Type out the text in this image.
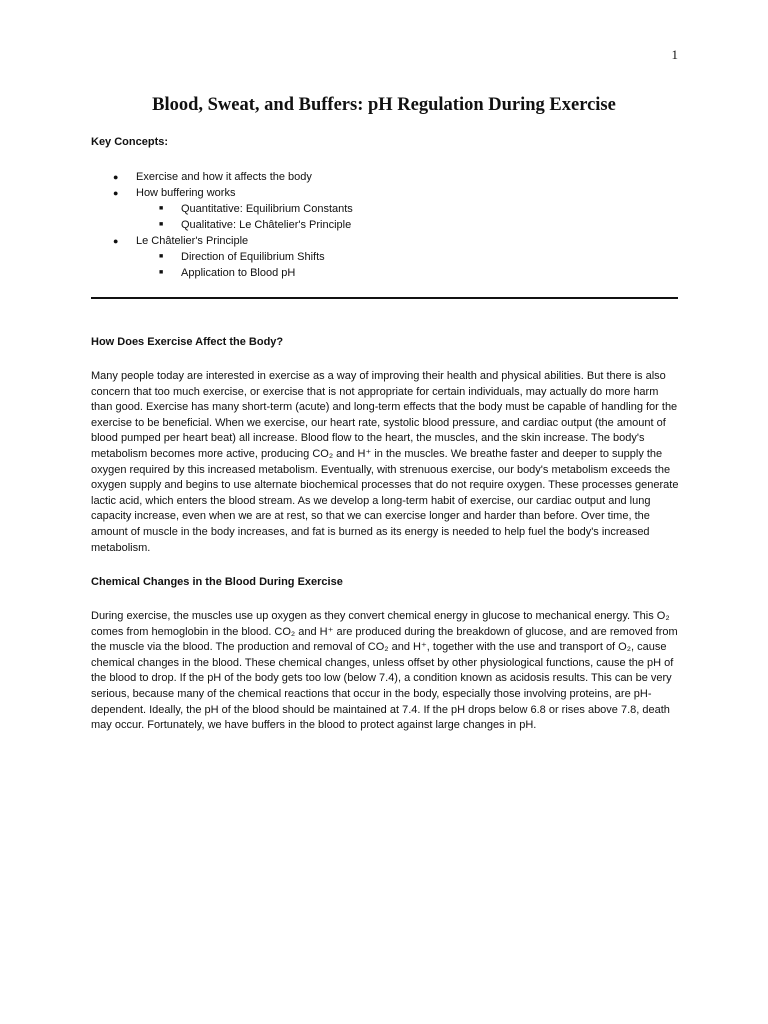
1
Blood, Sweat, and Buffers: pH Regulation During Exercise

Key Concepts:

● Exercise and how it affects the body
● How buffering works
■ Quantitative: Equilibrium Constants
■ Qualitative: Le Châtelier's Principle
● Le Châtelier's Principle
■ Direction of Equilibrium Shifts
■ Application to Blood pH

How Does Exercise Affect the Body?

Many people today are interested in exercise as a way of improving their health and physical abilities. But there is also concern that too much exercise, or exercise that is not appropriate for certain individuals, may actually do more harm than good. Exercise has many short-term (acute) and long-term effects that the body must be capable of handling for the exercise to be beneficial. When we exercise, our heart rate, systolic blood pressure, and cardiac output (the amount of blood pumped per heart beat) all increase. Blood flow to the heart, the muscles, and the skin increase. The body's metabolism becomes more active, producing CO₂ and H⁺ in the muscles. We breathe faster and deeper to supply the oxygen required by this increased metabolism. Eventually, with strenuous exercise, our body's metabolism exceeds the oxygen supply and begins to use alternate biochemical processes that do not require oxygen. These processes generate lactic acid, which enters the blood stream. As we develop a long-term habit of exercise, our cardiac output and lung capacity increase, even when we are at rest, so that we can exercise longer and harder than before. Over time, the amount of muscle in the body increases, and fat is burned as its energy is needed to help fuel the body's increased metabolism.

Chemical Changes in the Blood During Exercise

During exercise, the muscles use up oxygen as they convert chemical energy in glucose to mechanical energy. This O₂ comes from hemoglobin in the blood. CO₂ and H⁺ are produced during the breakdown of glucose, and are removed from the muscle via the blood. The production and removal of CO₂ and H⁺, together with the use and transport of O₂, cause chemical changes in the blood. These chemical changes, unless offset by other physiological functions, cause the pH of the blood to drop. If the pH of the body gets too low (below 7.4), a condition known as acidosis results. This can be very serious, because many of the chemical reactions that occur in the body, especially those involving proteins, are pH-dependent. Ideally, the pH of the blood should be maintained at 7.4. If the pH drops below 6.8 or rises above 7.8, death may occur. Fortunately, we have buffers in the blood to protect against large changes in pH.
